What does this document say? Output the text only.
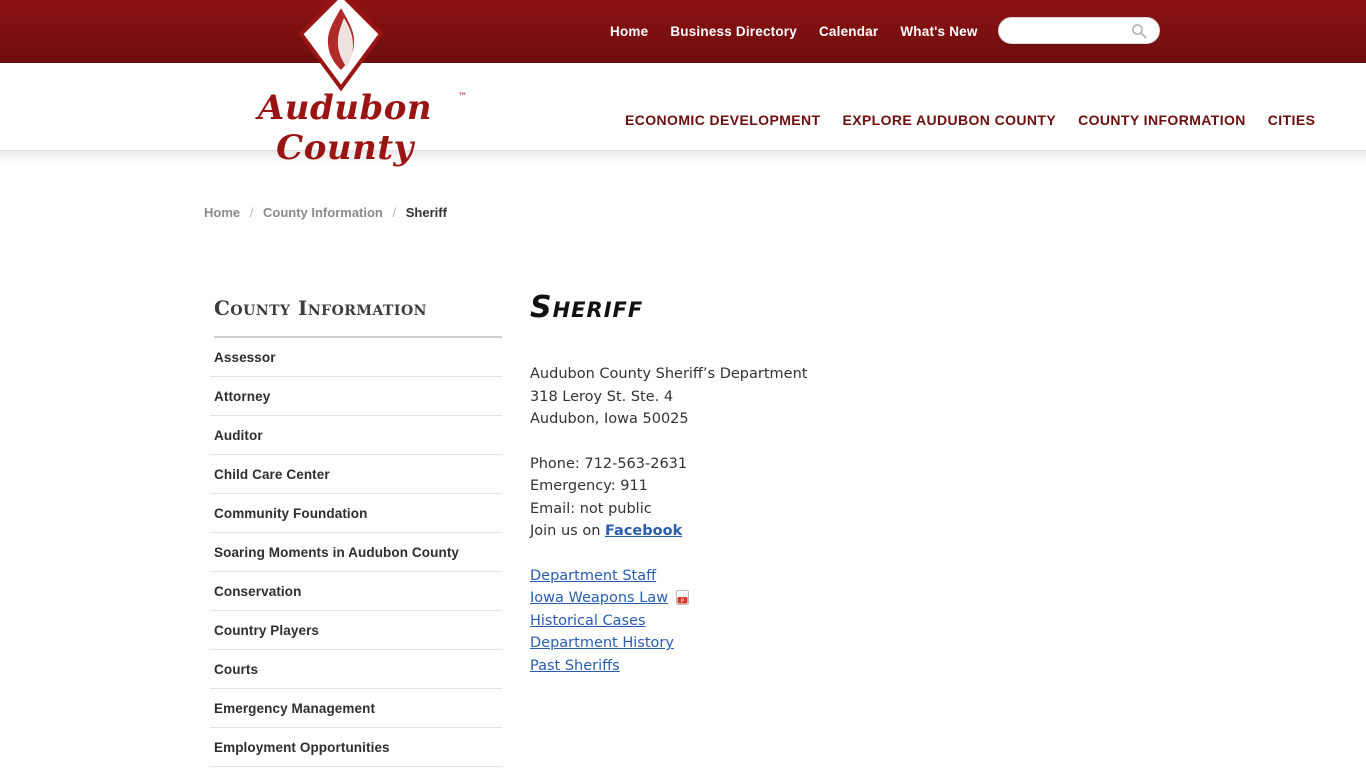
Home Business Directory Calendar What's New
Audubon County
™
ECONOMIC DEVELOPMENT EXPLORE AUDUBON COUNTY COUNTY INFORMATION CITIES
Home / County Information / Sheriff
County Information
Assessor
Attorney
Auditor
Child Care Center
Community Foundation
Soaring Moments in Audubon County
Conservation
Country Players
Courts
Emergency Management
Employment Opportunities
Sheriff
Audubon County Sheriff’s Department
318 Leroy St. Ste. 4
Audubon, Iowa 50025
Phone: 712-563-2631
Emergency: 911
Email: not public
Join us on Facebook
Department Staff
Iowa Weapons Law	P
Historical Cases
Department History
Past Sheriffs
